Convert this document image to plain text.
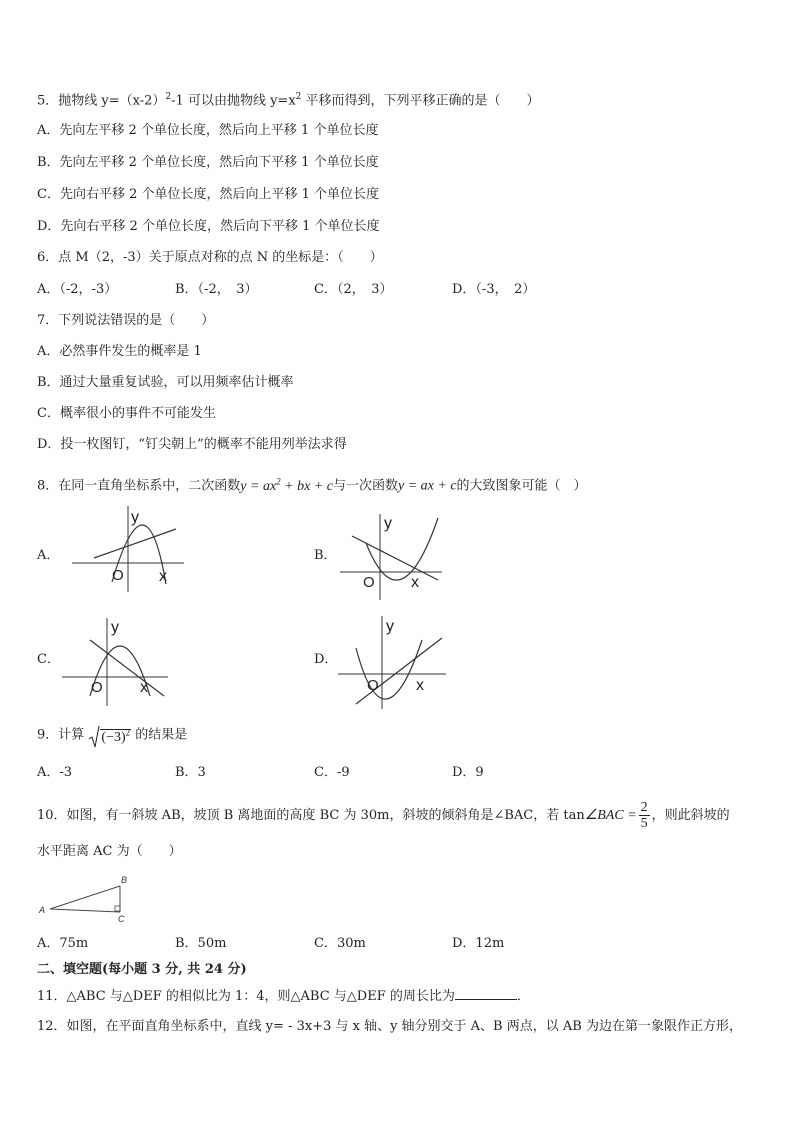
5．抛物线 $y=(x-2)^2-1$ 可以由抛物线 $y=x^2$ 平移而得到，下列平移正确的是（　　）
A．先向左平移 2 个单位长度，然后向上平移 1 个单位长度
B．先向左平移 2 个单位长度，然后向下平移 1 个单位长度
C．先向右平移 2 个单位长度，然后向上平移 1 个单位长度
D．先向右平移 2 个单位长度，然后向下平移 1 个单位长度
6．点 M（2，-3）关于原点对称的点 N 的坐标是：（　　）
A．（-2，-3）	B．（-2，　3）	C．（2，　3）	D．（-3，　2）
7．下列说法错误的是（　　）
A．必然事件发生的概率是 1
B．通过大量重复试验，可以用频率估计概率
C．概率很小的事件不可能发生
D．投一枚图钉，“钉尖朝上”的概率不能用列举法求得
8．在同一直角坐标系中，二次函数$y = ax^2$ + bx + c与一次函数y = ax + c的大致图象可能（　）
A．	B．
C．	D．
y
O x
y
O x
y
O x
y
O x
9．计算 $(-3)^2$ 的结果是
A．-3	B．3	C．-9	D．9
10．如图，有一斜坡 AB，坡顶 B 离地面的高度 BC 为 30m，斜坡的倾斜角是∠BAC，若 tan∠BAC = $\frac{2}{5}$ ，则此斜坡的
水平距离 AC 为（　　）
A
B
C
A．75m	B．50m	C．30m	D．12m
二、填空题(每小题 3 分, 共 24 分)
11．△ABC 与△DEF 的相似比为 1：4，则△ABC 与△DEF 的周长比为	．
12．如图，在平面直角坐标系中，直线 y= - 3x+3 与 x 轴、y 轴分别交于 A、B 两点，以 AB 为边在第一象限作正方形，
